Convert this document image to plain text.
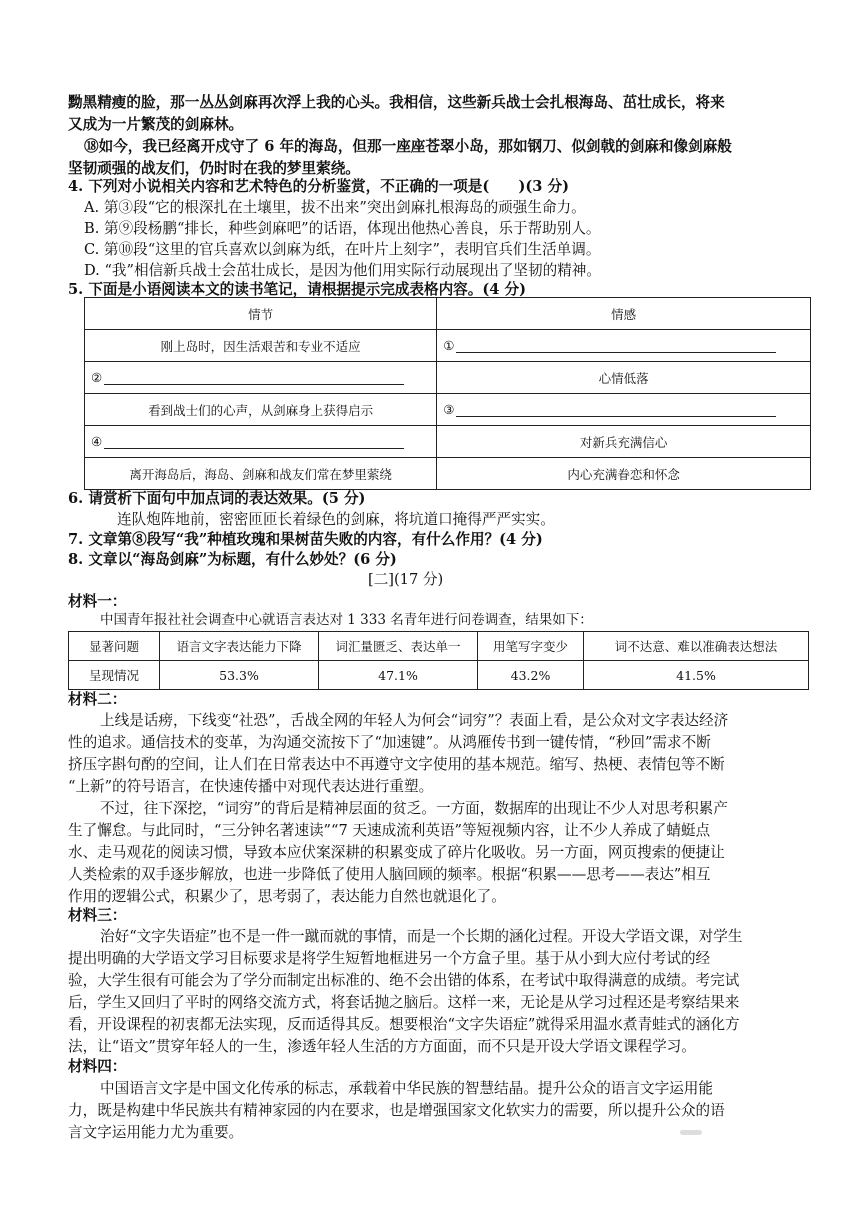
黝黑精瘦的脸，那一丛丛剑麻再次浮上我的心头。我相信，这些新兵战士会扎根海岛、茁壮成长，将来
又成为一片繁茂的剑麻林。
⑱如今，我已经离开戍守了 6 年的海岛，但那一座座苍翠小岛，那如钢刀、似剑戟的剑麻和像剑麻般
坚韧顽强的战友们，仍时时在我的梦里萦绕。
4. 下列对小说相关内容和艺术特色的分析鉴赏，不正确的一项是(　　)(3 分)
A. 第③段“它的根深扎在土壤里，拔不出来”突出剑麻扎根海岛的顽强生命力。
B. 第⑨段杨鹏“排长，种些剑麻吧”的话语，体现出他热心善良，乐于帮助别人。
C. 第⑩段“这里的官兵喜欢以剑麻为纸，在叶片上刻字”，表明官兵们生活单调。
D. “我”相信新兵战士会茁壮成长，是因为他们用实际行动展现出了坚韧的精神。
5. 下面是小语阅读本文的读书笔记，请根据提示完成表格内容。(4 分)
情节	情感
刚上岛时，因生活艰苦和专业不适应	①
②	心情低落
看到战士们的心声，从剑麻身上获得启示	③
④	对新兵充满信心
离开海岛后，海岛、剑麻和战友们常在梦里萦绕	内心充满眷恋和怀念
6. 请赏析下面句中加点词的表达效果。(5 分)
连队炮阵地前，密密匝匝长着绿色的剑麻，将坑道口掩得严严实实。
7. 文章第⑧段写“我”种植玫瑰和果树苗失败的内容，有什么作用？(4 分)
8. 文章以“海岛剑麻”为标题，有什么妙处？(6 分)
[二](17 分)
材料一：
中国青年报社社会调查中心就语言表达对 1 333 名青年进行问卷调查，结果如下：
显著问题	语言文字表达能力下降	词汇量匮乏、表达单一	用笔写字变少	词不达意、难以准确表达想法
呈现情况	53.3%	47.1%	43.2%	41.5%
材料二：
上线是话痨，下线变“社恐”，舌战全网的年轻人为何会“词穷”？表面上看，是公众对文字表达经济
性的追求。通信技术的变革，为沟通交流按下了“加速键”。从鸿雁传书到一键传情，“秒回”需求不断
挤压字斟句酌的空间，让人们在日常表达中不再遵守文字使用的基本规范。缩写、热梗、表情包等不断
“上新”的符号语言，在快速传播中对现代表达进行重塑。
不过，往下深挖，“词穷”的背后是精神层面的贫乏。一方面，数据库的出现让不少人对思考积累产
生了懈怠。与此同时，“三分钟名著速读”“7 天速成流利英语”等短视频内容，让不少人养成了蜻蜓点
水、走马观花的阅读习惯，导致本应伏案深耕的积累变成了碎片化吸收。另一方面，网页搜索的便捷让
人类检索的双手逐步解放，也进一步降低了使用人脑回顾的频率。根据“积累——思考——表达”相互
作用的逻辑公式，积累少了，思考弱了，表达能力自然也就退化了。
材料三：
治好“文字失语症”也不是一件一蹴而就的事情，而是一个长期的涵化过程。开设大学语文课，对学生
提出明确的大学语文学习目标要求是将学生短暂地框进另一个方盒子里。基于从小到大应付考试的经
验，大学生很有可能会为了学分而制定出标准的、绝不会出错的体系，在考试中取得满意的成绩。考完试
后，学生又回归了平时的网络交流方式，将套话抛之脑后。这样一来，无论是从学习过程还是考察结果来
看，开设课程的初衷都无法实现，反而适得其反。想要根治“文字失语症”就得采用温水煮青蛙式的涵化方
法，让“语文”贯穿年轻人的一生，渗透年轻人生活的方方面面，而不只是开设大学语文课程学习。
材料四：
中国语言文字是中国文化传承的标志，承载着中华民族的智慧结晶。提升公众的语言文字运用能
力，既是构建中华民族共有精神家园的内在要求，也是增强国家文化软实力的需要，所以提升公众的语
言文字运用能力尤为重要。
